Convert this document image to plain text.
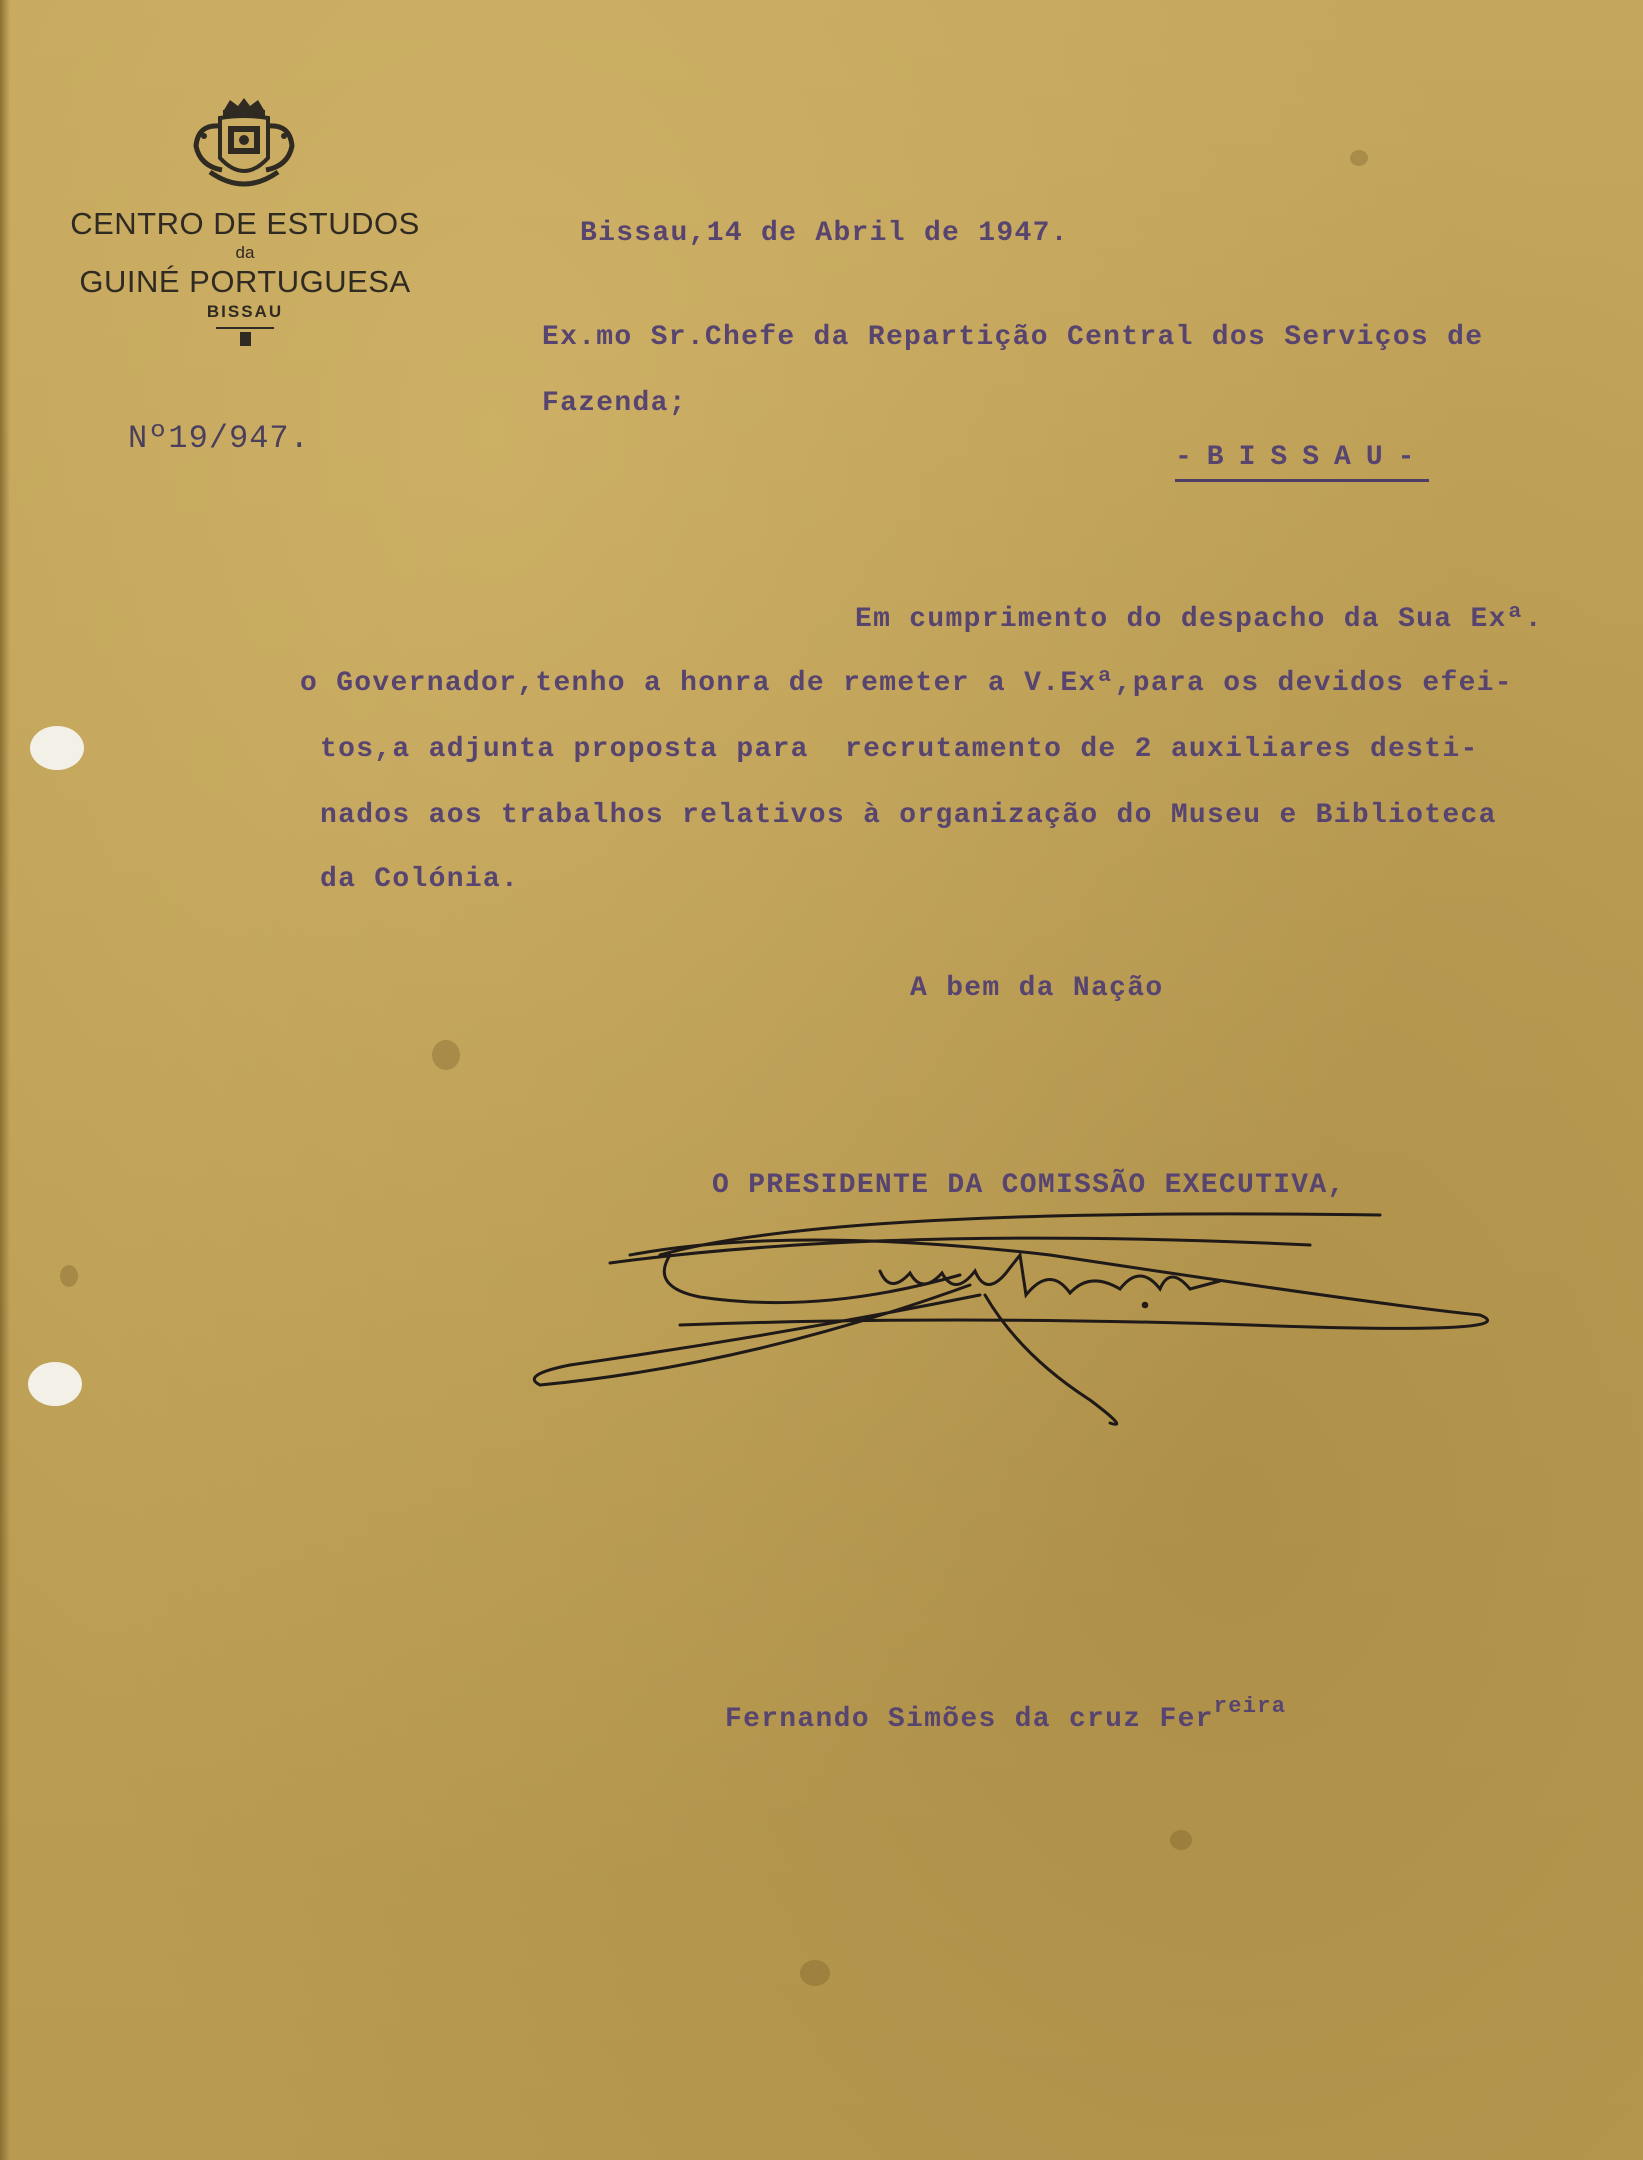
CENTRO DE ESTUDOS
da
GUINÉ PORTUGUESA
BISSAU
Nº19/947.
Bissau,14 de Abril de 1947.
Ex.mo Sr.Chefe da Repartição Central dos Serviços de
Fazenda;
-BISSAU-
Em cumprimento do despacho da Sua Exª.
o Governador,tenho a honra de remeter a V.Exª,para os devidos efei-
tos,a adjunta proposta para  recrutamento de 2 auxiliares desti-
nados aos trabalhos relativos à organização do Museu e Biblioteca
da Colónia.
A bem da Nação
O PRESIDENTE DA COMISSÃO EXECUTIVA,
Fernando Simões da cruz Fer$^{reira}$
